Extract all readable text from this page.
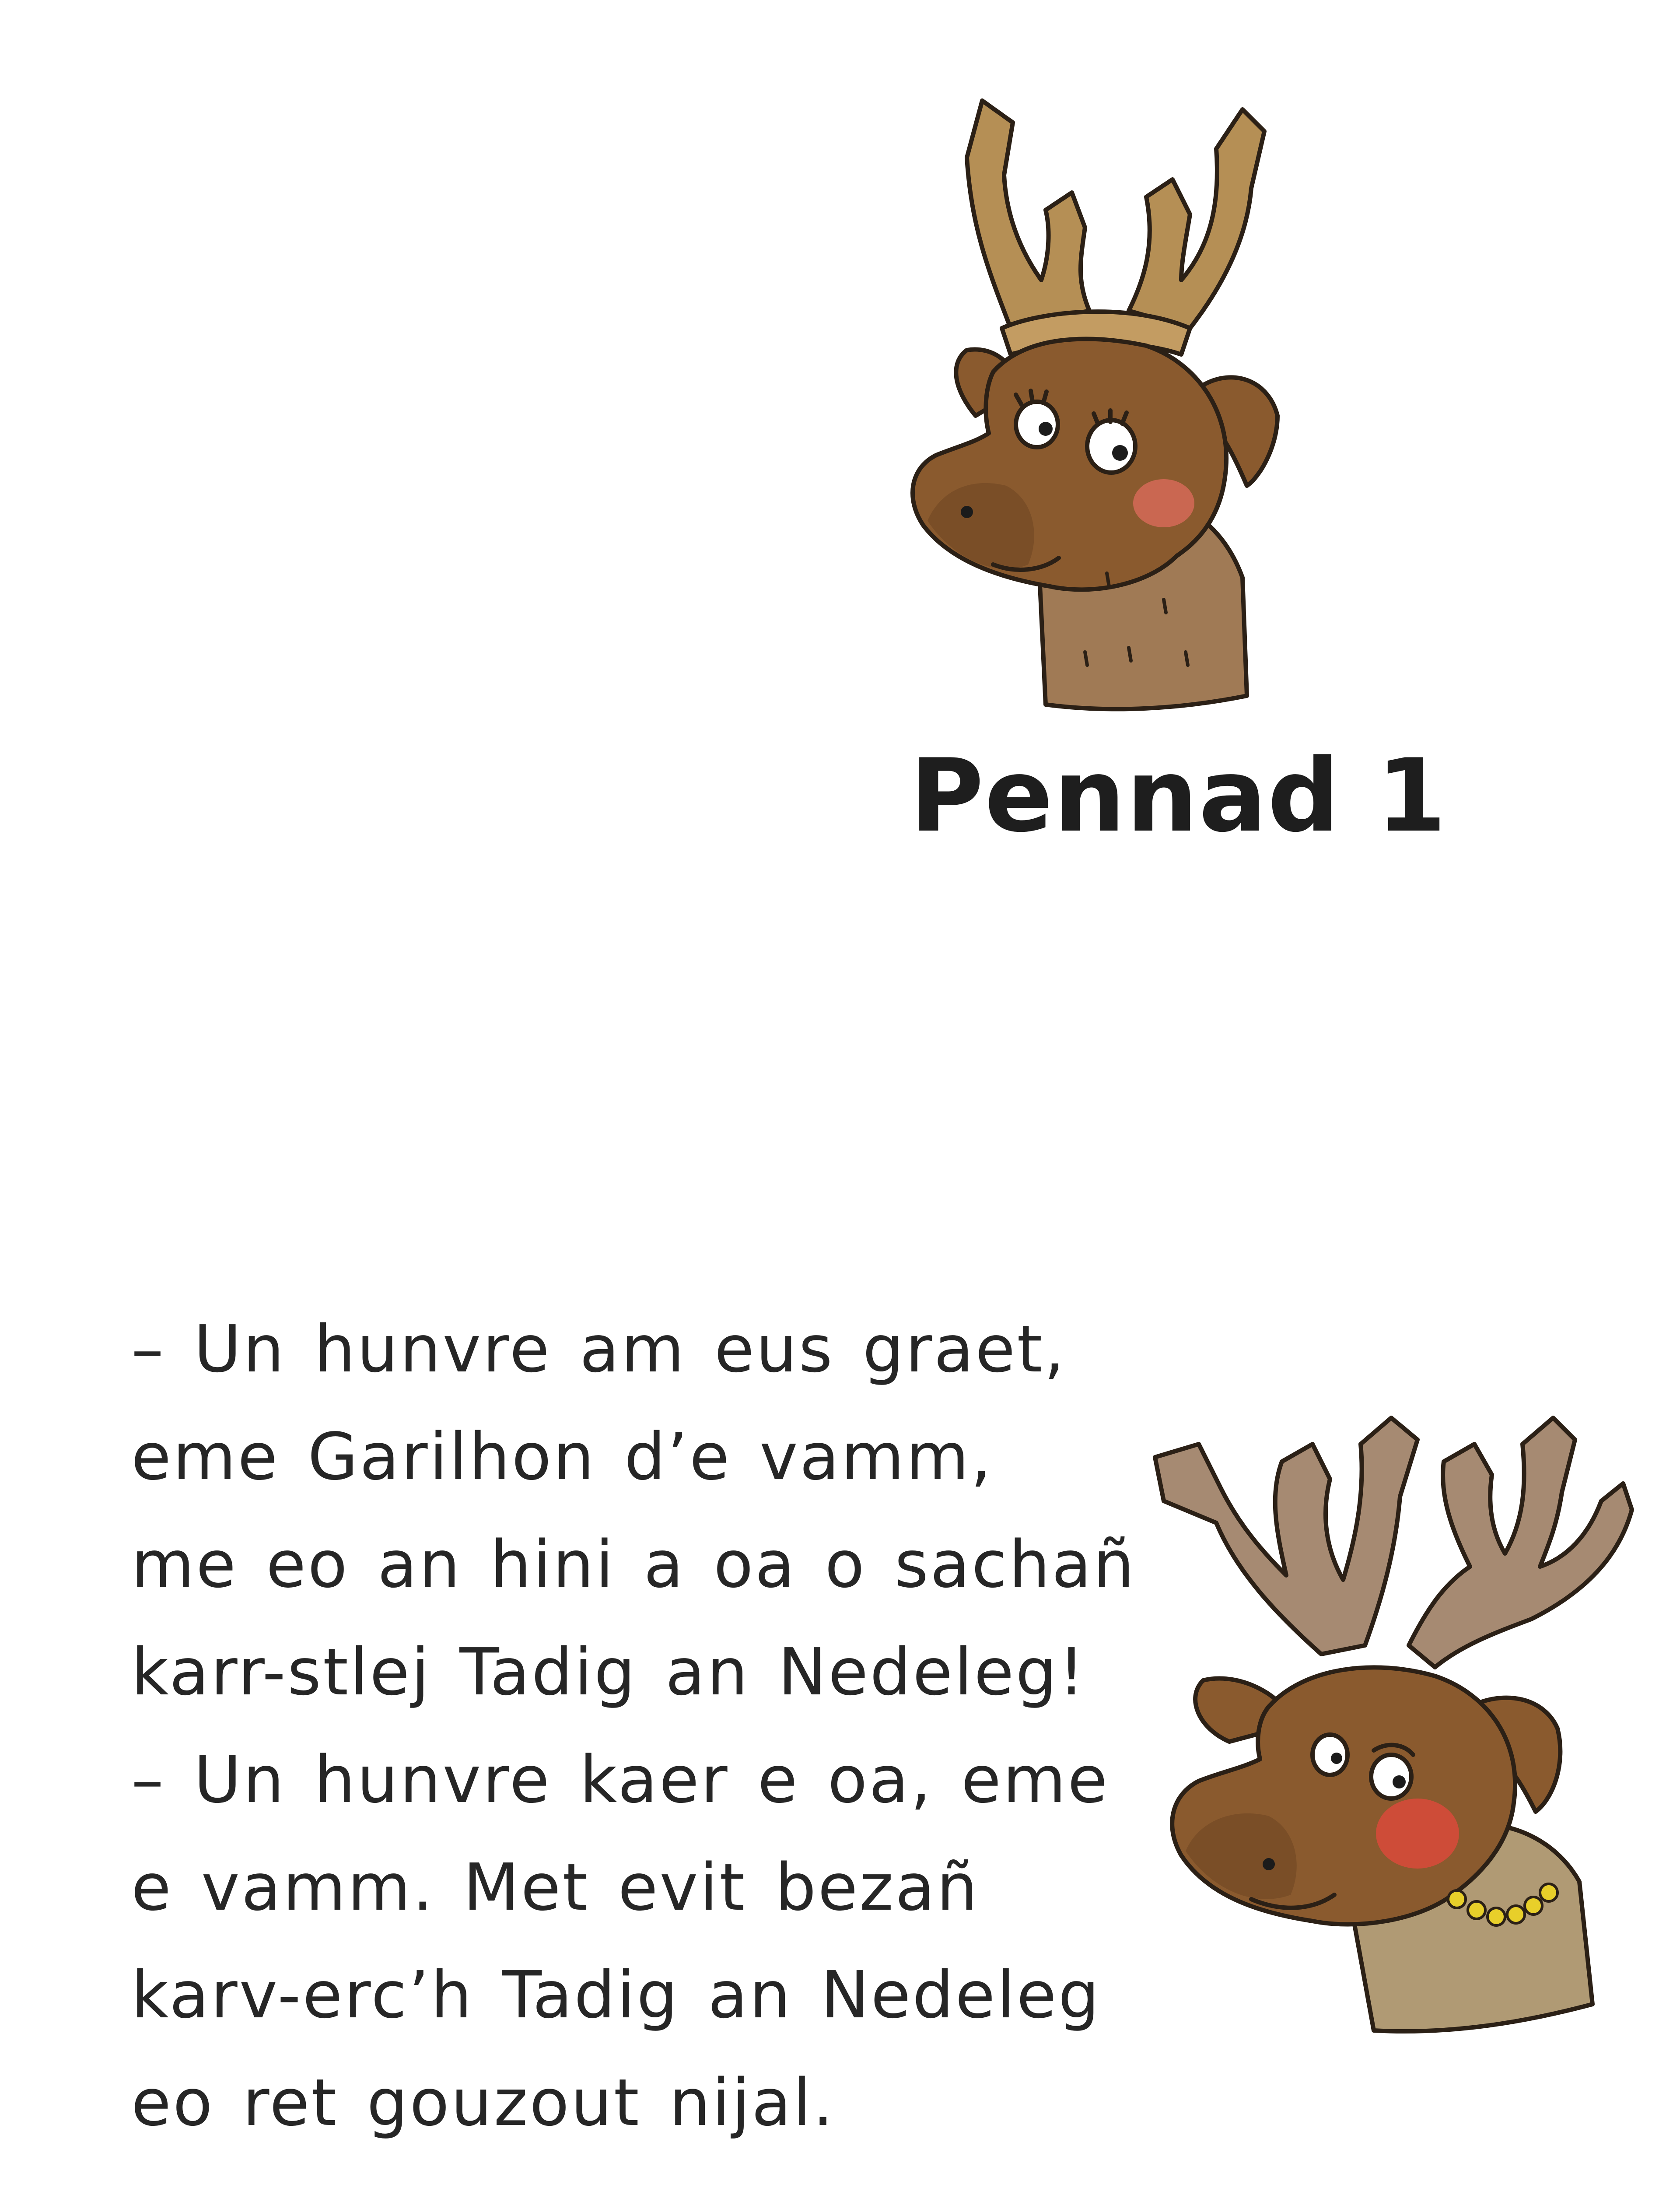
Pennad 1
– Un hunvre am eus graet,
eme Garilhon d’e vamm,
me eo an hini a oa o sachañ
karr-stlej Tadig an Nedeleg!
– Un hunvre kaer e oa, eme
e vamm. Met evit bezañ
karv-erc’h Tadig an Nedeleg
eo ret gouzout nijal.
